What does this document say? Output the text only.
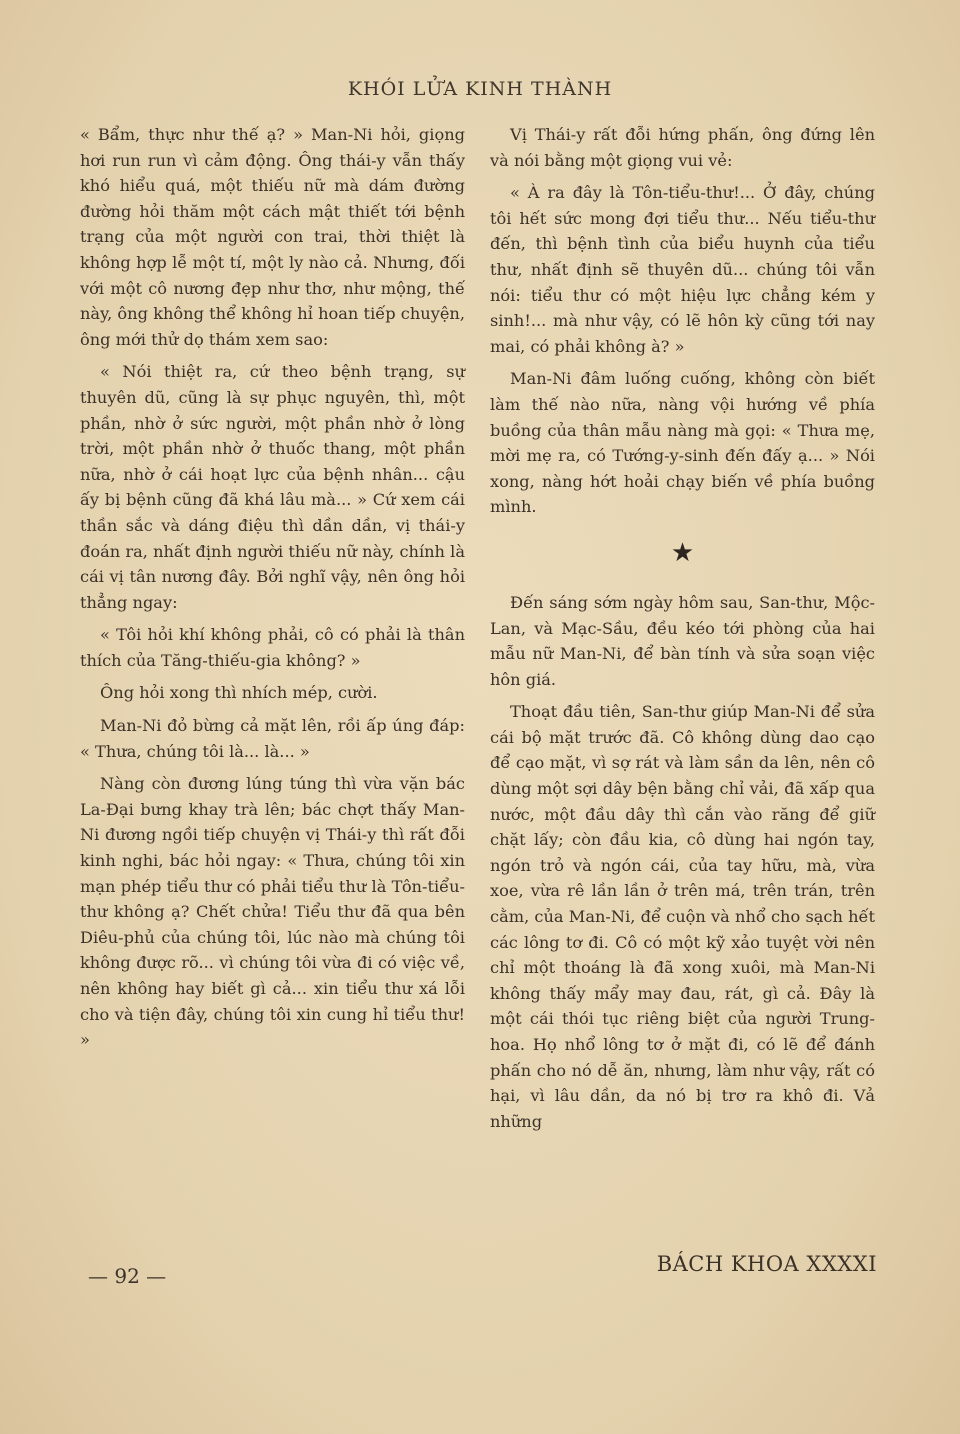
KHÓI LỬA KINH THÀNH

« Bẩm, thực như thế ạ? » Man-Ni hỏi, giọng hơi run run vì cảm động. Ông thái-y vẫn thấy khó hiểu quá, một thiếu nữ mà dám đường đường hỏi thăm một cách mật thiết tới bệnh trạng của một người con trai, thời thiệt là không hợp lễ một tí, một ly nào cả. Nhưng, đối với một cô nương đẹp như thơ, như mộng, thế này, ông không thể không hỉ hoan tiếp chuyện, ông mới thử dọ thám xem sao:

« Nói thiệt ra, cứ theo bệnh trạng, sự thuyên dũ, cũng là sự phục nguyên, thì, một phần, nhờ ở sức người, một phần nhờ ở lòng trời, một phần nhờ ở thuốc thang, một phần nữa, nhờ ở cái hoạt lực của bệnh nhân... cậu ấy bị bệnh cũng đã khá lâu mà... » Cứ xem cái thần sắc và dáng điệu thì dần dần, vị thái-y đoán ra, nhất định người thiếu nữ này, chính là cái vị tân nương đây. Bởi nghĩ vậy, nên ông hỏi thẳng ngay:

« Tôi hỏi khí không phải, cô có phải là thân thích của Tăng-thiếu-gia không? »

Ông hỏi xong thì nhích mép, cười.

Man-Ni đỏ bừng cả mặt lên, rồi ấp úng đáp: « Thưa, chúng tôi là... là... »

Nàng còn đương lúng túng thì vừa vặn bác La-Đại bưng khay trà lên; bác chợt thấy Man-Ni đương ngồi tiếp chuyện vị Thái-y thì rất đỗi kinh nghi, bác hỏi ngay: « Thưa, chúng tôi xin mạn phép tiểu thư có phải tiểu thư là Tôn-tiểu-thư không ạ? Chết chửa! Tiểu thư đã qua bên Diêu-phủ của chúng tôi, lúc nào mà chúng tôi không được rõ... vì chúng tôi vừa đi có việc về, nên không hay biết gì cả... xin tiểu thư xá lỗi cho và tiện đây, chúng tôi xin cung hỉ tiểu thư! »

Vị Thái-y rất đỗi hứng phấn, ông đứng lên và nói bằng một giọng vui vẻ:

« À ra đây là Tôn-tiểu-thư!... Ở đây, chúng tôi hết sức mong đợi tiểu thư... Nếu tiểu-thư đến, thì bệnh tình của biểu huynh của tiểu thư, nhất định sẽ thuyên dũ... chúng tôi vẫn nói: tiểu thư có một hiệu lực chẳng kém y sinh!... mà như vậy, có lẽ hôn kỳ cũng tới nay mai, có phải không à? »

Man-Ni đâm luống cuống, không còn biết làm thế nào nữa, nàng vội hướng về phía buồng của thân mẫu nàng mà gọi: « Thưa mẹ, mời mẹ ra, có Tướng-y-sinh đến đấy ạ... » Nói xong, nàng hớt hoải chạy biến về phía buồng mình.

★

Đến sáng sớm ngày hôm sau, San-thư, Mộc-Lan, và Mạc-Sầu, đều kéo tới phòng của hai mẫu nữ Man-Ni, để bàn tính và sửa soạn việc hôn giá.

Thoạt đầu tiên, San-thư giúp Man-Ni để sửa cái bộ mặt trước đã. Cô không dùng dao cạo để cạo mặt, vì sợ rát và làm sần da lên, nên cô dùng một sợi dây bện bằng chỉ vải, đã xấp qua nước, một đầu dây thì cắn vào răng để giữ chặt lấy; còn đầu kia, cô dùng hai ngón tay, ngón trỏ và ngón cái, của tay hữu, mà, vừa xoe, vừa rê lần lần ở trên má, trên trán, trên cằm, của Man-Ni, để cuộn và nhổ cho sạch hết các lông tơ đi. Cô có một kỹ xảo tuyệt vời nên chỉ một thoáng là đã xong xuôi, mà Man-Ni không thấy mẩy may đau, rát, gì cả. Đây là một cái thói tục riêng biệt của người Trung-hoa. Họ nhổ lông tơ ở mặt đi, có lẽ để đánh phấn cho nó dễ ăn, nhưng, làm như vậy, rất có hại, vì lâu dần, da nó bị trơ ra khô đi. Vả những

— 92 —	BÁCH KHOA XXXXI
